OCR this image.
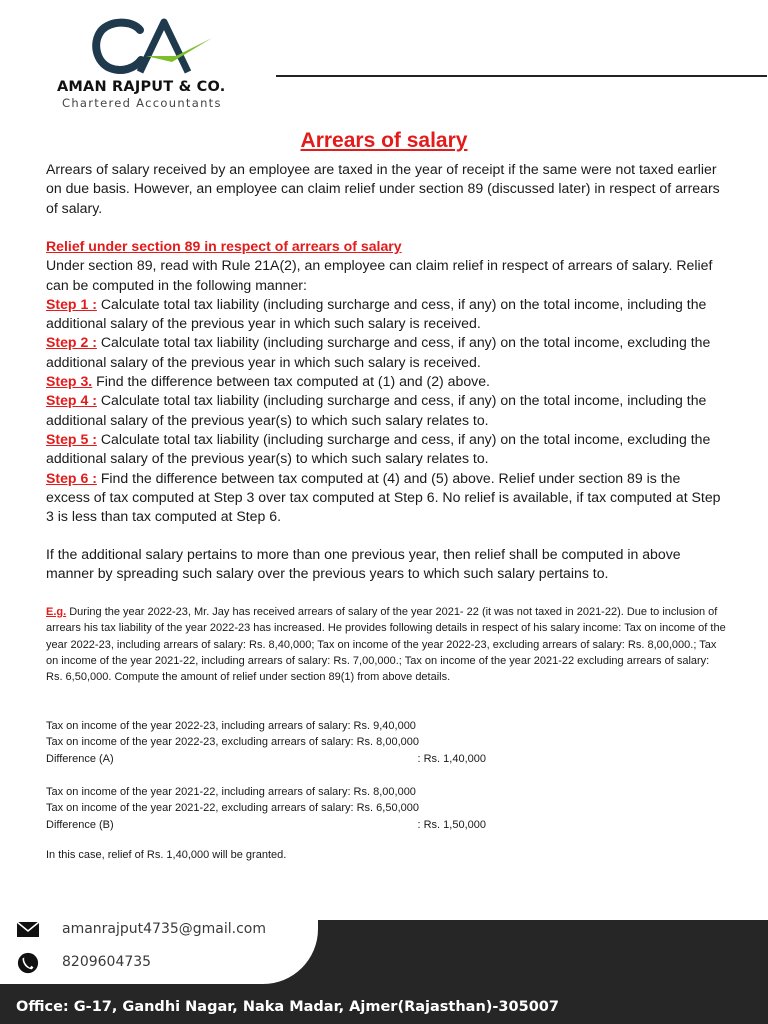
AMAN RAJPUT & CO.
Chartered Accountants
Arrears of salary
Arrears of salary received by an employee are taxed in the year of receipt if the same were not taxed earlier on due basis. However, an employee can claim relief under section 89 (discussed later) in respect of arrears of salary.
Relief under section 89 in respect of arrears of salary
Under section 89, read with Rule 21A(2), an employee can claim relief in respect of arrears of salary. Relief can be computed in the following manner:
Step 1 : Calculate total tax liability (including surcharge and cess, if any) on the total income, including the additional salary of the previous year in which such salary is received.
Step 2 : Calculate total tax liability (including surcharge and cess, if any) on the total income, excluding the additional salary of the previous year in which such salary is received.
Step 3. Find the difference between tax computed at (1) and (2) above.
Step 4 : Calculate total tax liability (including surcharge and cess, if any) on the total income, including the additional salary of the previous year(s) to which such salary relates to.
Step 5 : Calculate total tax liability (including surcharge and cess, if any) on the total income, excluding the additional salary of the previous year(s) to which such salary relates to.
Step 6 : Find the difference between tax computed at (4) and (5) above. Relief under section 89 is the excess of tax computed at Step 3 over tax computed at Step 6. No relief is available, if tax computed at Step 3 is less than tax computed at Step 6.
If the additional salary pertains to more than one previous year, then relief shall be computed in above manner by spreading such salary over the previous years to which such salary pertains to.
E.g. During the year 2022-23, Mr. Jay has received arrears of salary of the year 2021- 22 (it was not taxed in 2021-22). Due to inclusion of arrears his tax liability of the year 2022-23 has increased. He provides following details in respect of his salary income: Tax on income of the year 2022-23, including arrears of salary: Rs. 8,40,000; Tax on income of the year 2022-23, excluding arrears of salary: Rs. 8,00,000.; Tax on income of the year 2021-22, including arrears of salary: Rs. 7,00,000.; Tax on income of the year 2021-22 excluding arrears of salary: Rs. 6,50,000. Compute the amount of relief under section 89(1) from above details.
Tax on income of the year 2022-23, including arrears of salary: Rs. 9,40,000
Tax on income of the year 2022-23, excluding arrears of salary: Rs. 8,00,000
Difference (A)	: Rs. 1,40,000
Tax on income of the year 2021-22, including arrears of salary: Rs. 8,00,000
Tax on income of the year 2021-22, excluding arrears of salary: Rs. 6,50,000
Difference (B)	: Rs. 1,50,000
In this case, relief of Rs. 1,40,000 will be granted.
amanrajput4735@gmail.com
8209604735
Office: G-17, Gandhi Nagar, Naka Madar, Ajmer(Rajasthan)-305007
